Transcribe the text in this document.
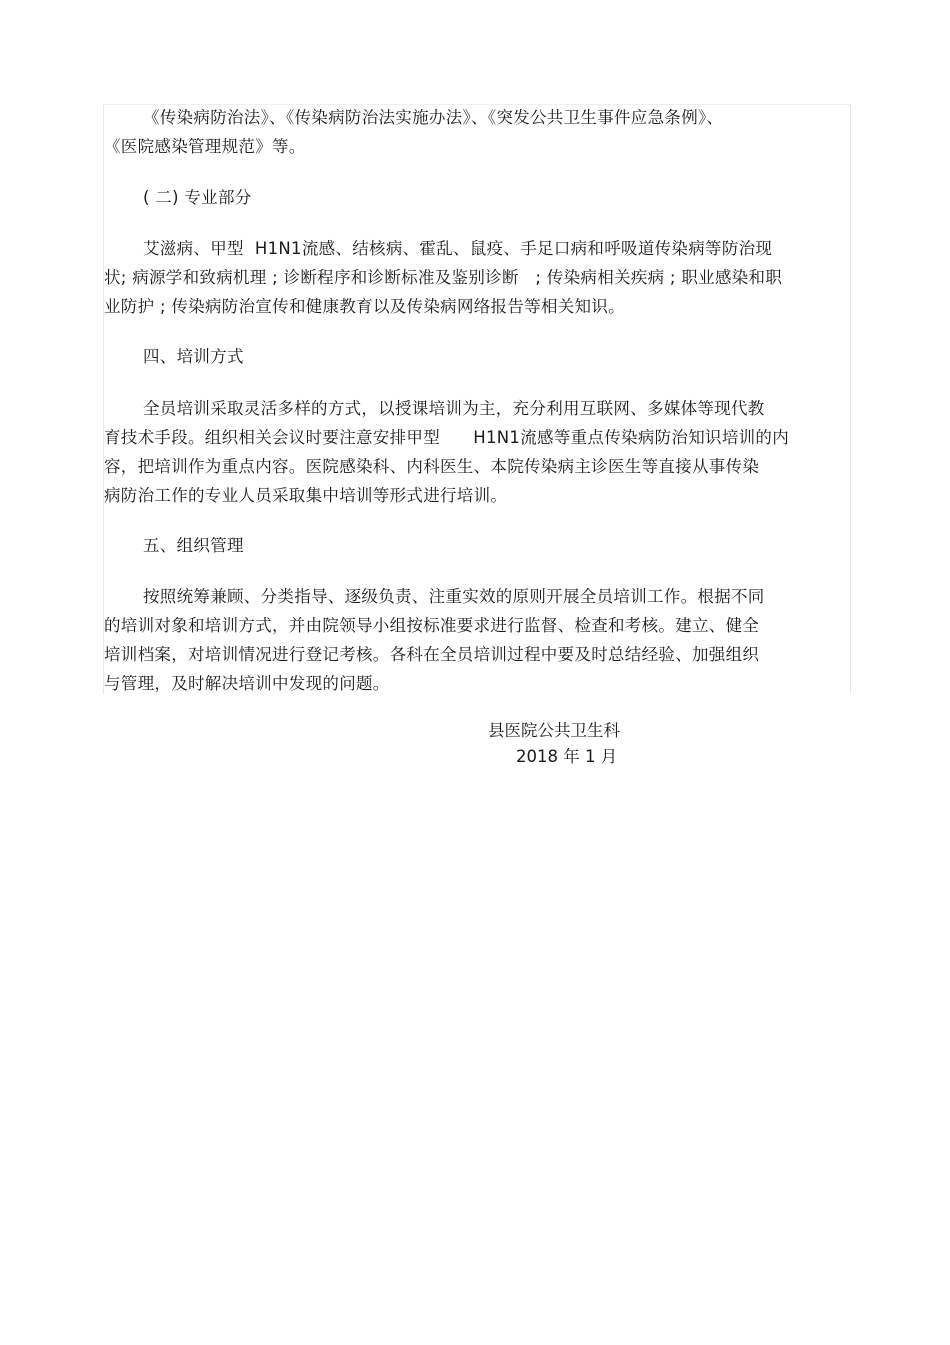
《传染病防治法》、《传染病防治法实施办法》、《突发公共卫生事件应急条例》、
《医院感染管理规范》等。
( 二) 专业部分
艾滋病、甲型  H1N1流感、结核病、霍乱、鼠疫、手足口病和呼吸道传染病等防治现
状; 病源学和致病机理 ; 诊断程序和诊断标准及鉴别诊断   ; 传染病相关疾病 ; 职业感染和职
业防护 ; 传染病防治宣传和健康教育以及传染病网络报告等相关知识。
四、培训方式
全员培训采取灵活多样的方式，以授课培训为主，充分利用互联网、多媒体等现代教
育技术手段。组织相关会议时要注意安排甲型      H1N1流感等重点传染病防治知识培训的内
容，把培训作为重点内容。医院感染科、内科医生、本院传染病主诊医生等直接从事传染
病防治工作的专业人员采取集中培训等形式进行培训。
五、组织管理
按照统筹兼顾、分类指导、逐级负责、注重实效的原则开展全员培训工作。根据不同
的培训对象和培训方式，并由院领导小组按标准要求进行监督、检查和考核。建立、健全
培训档案，对培训情况进行登记考核。各科在全员培训过程中要及时总结经验、加强组织
与管理，及时解决培训中发现的问题。
县医院公共卫生科
2018 年 1 月
